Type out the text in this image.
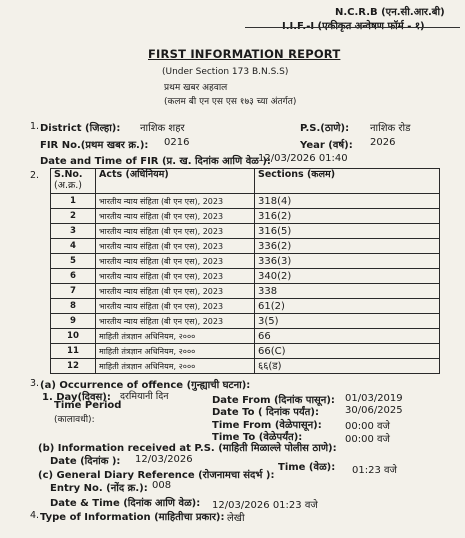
N.C.R.B (एन.सी.आर.बी)
I.I.F.-I (एकीकृत अन्वेषण फॉर्म - १)
FIRST INFORMATION REPORT
(Under Section 173 B.N.S.S)
प्रथम खबर अहवाल
(कलम बी एन एस एस १७३ च्या अंतर्गत)
1. District (जिल्हा): नाशिक शहर	P.S.(ठाणे): नाशिक रोड
FIR No.(प्रथम खबर क्र.): 0216	Year (वर्ष): 2026
Date and Time of FIR (प्र. ख. दिनांक आणि वेळ ):
12/03/2026 01:40
2. S.No.
(अ.क्र.)	Acts (अधिनियम)	Sections (कलम)
1	भारतीय न्याय संहिता (बी एन एस), 2023	318(4)
2	भारतीय न्याय संहिता (बी एन एस), 2023	316(2)
3	भारतीय न्याय संहिता (बी एन एस), 2023	316(5)
4	भारतीय न्याय संहिता (बी एन एस), 2023	336(2)
5	भारतीय न्याय संहिता (बी एन एस), 2023	336(3)
6	भारतीय न्याय संहिता (बी एन एस), 2023	340(2)
7	भारतीय न्याय संहिता (बी एन एस), 2023	338
8	भारतीय न्याय संहिता (बी एन एस), 2023	61(2)
9	भारतीय न्याय संहिता (बी एन एस), 2023	3(5)
10	माहिती तंत्रज्ञान अधिनियम, २०००	66
11	माहिती तंत्रज्ञान अधिनियम, २०००	66(C)
12	माहिती तंत्रज्ञान अधिनियम, २०००	६६(ड)
3. (a) Occurrence of offence (गुन्ह्याची घटना):
1. Day(दिवस): दरमियानी दिन	Date From (दिनांक पासून): 01/03/2019
Time Period
(कालावधी):
Date To ( दिनांक पर्यंत):	30/06/2025
Time From (वेळेपासून): 00:00 वजे
Time To (वेळेपर्यंत):	00:00 वजे
(b) Information received at P.S. (माहिती मिळाल्ले पोलीस ठाणे):
Date (दिनांक ): 12/03/2026
Time (वेळ): 01:23 वजे
(c) General Diary Reference (रोजनामचा संदर्भ ):
Entry No. (नोंद क्र.): 008
Date & Time (दिनांक आणि वेळ): 12/03/2026 01:23 वजे
4. Type of Information (माहितीचा प्रकार): लेखी
